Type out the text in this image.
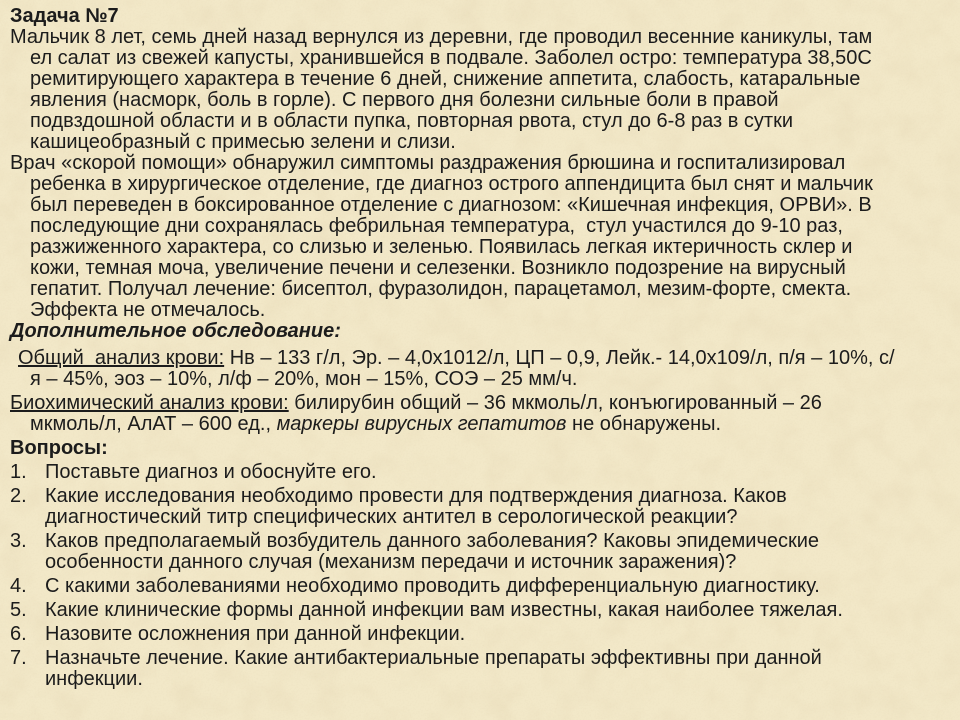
Задача №7
Мальчик 8 лет, семь дней назад вернулся из деревни, где проводил весенние каникулы, там
ел салат из свежей капусты, хранившейся в подвале. Заболел остро: температура 38,50С
ремитирующего характера в течение 6 дней, снижение аппетита, слабость, катаральные
явления (насморк, боль в горле). С первого дня болезни сильные боли в правой
подвздошной области и в области пупка, повторная рвота, стул до 6-8 раз в сутки
кашицеобразный с примесью зелени и слизи.
Врач «скорой помощи» обнаружил симптомы раздражения брюшина и госпитализировал
ребенка в хирургическое отделение, где диагноз острого аппендицита был снят и мальчик
был переведен в боксированное отделение с диагнозом: «Кишечная инфекция, ОРВИ». В
последующие дни сохранялась фебрильная температура,  стул участился до 9-10 раз,
разжиженного характера, со слизью и зеленью. Появилась легкая иктеричность склер и
кожи, темная моча, увеличение печени и селезенки. Возникло подозрение на вирусный
гепатит. Получал лечение: бисептол, фуразолидон, парацетамол, мезим-форте, смекта.
Эффекта не отмечалось.
Дополнительное обследование:
Общий  анализ крови: Нв – 133 г/л, Эр. – 4,0х1012/л, ЦП – 0,9, Лейк.- 14,0х109/л, п/я – 10%, с/
я – 45%, эоз – 10%, л/ф – 20%, мон – 15%, СОЭ – 25 мм/ч.
Биохимический анализ крови: билирубин общий – 36 мкмоль/л, конъюгированный – 26
мкмоль/л, АлАТ – 600 ед., маркеры вирусных гепатитов не обнаружены.
Вопросы:
1. Поставьте диагноз и обоснуйте его.
2. Какие исследования необходимо провести для подтверждения диагноза. Каков
диагностический титр специфических антител в серологической реакции?
3. Каков предполагаемый возбудитель данного заболевания? Каковы эпидемические
особенности данного случая (механизм передачи и источник заражения)?
4. С какими заболеваниями необходимо проводить дифференциальную диагностику.
5. Какие клинические формы данной инфекции вам известны, какая наиболее тяжелая.
6. Назовите осложнения при данной инфекции.
7. Назначьте лечение. Какие антибактериальные препараты эффективны при данной
инфекции.
